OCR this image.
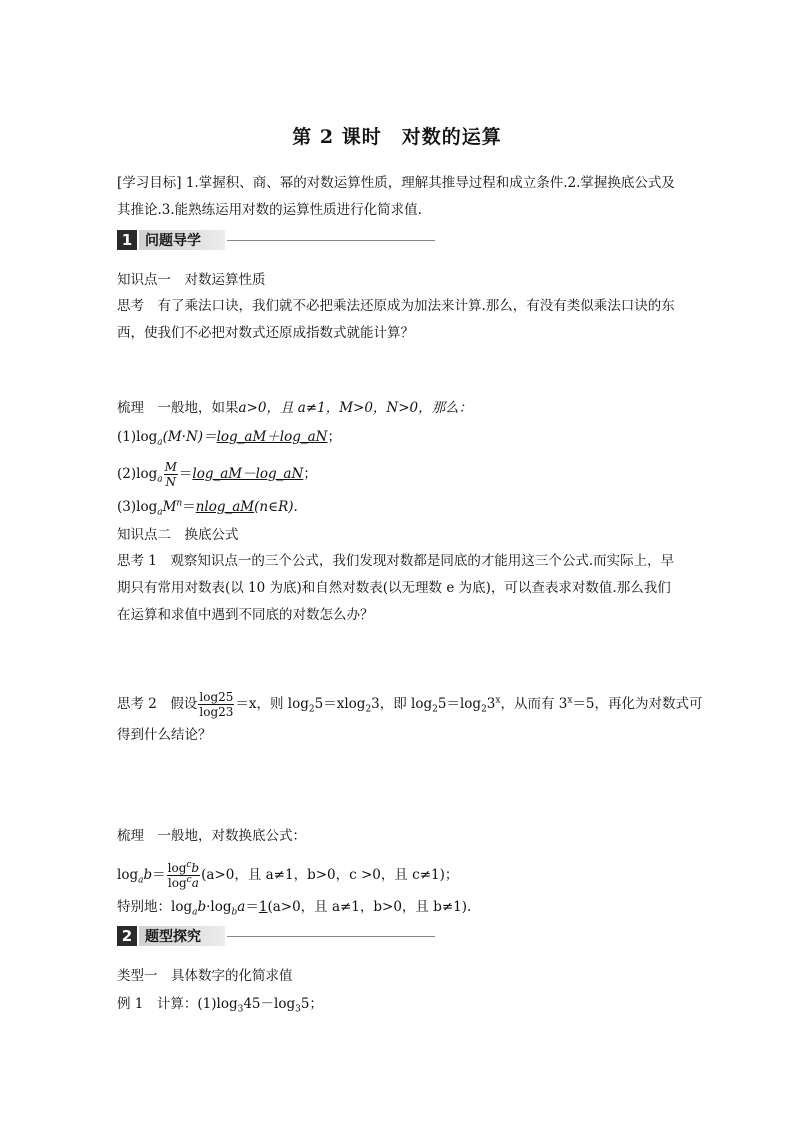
第 2 课时　对数的运算
[学习目标] 1.掌握积、商、幂的对数运算性质，理解其推导过程和成立条件.2.掌握换底公式及其推论.3.能熟练运用对数的运算性质进行化简求值.
1 问题导学
知识点一　对数运算性质
思考　有了乘法口诀，我们就不必把乘法还原成为加法来计算.那么，有没有类似乘法口诀的东西，使我们不必把对数式还原成指数式就能计算？
梳理　一般地，如果a>0，且 a≠1，M>0，N>0，那么：
$(1)\log_a(M\cdot N)=\log\_aM+\log\_aN$；
$(2)\log_a \frac{M}{N}$ ＝log_aM－log_aN；
$(3)\log_aM^n=nlog\_aM(n\in R)$.
知识点二　换底公式
思考 1　观察知识点一的三个公式，我们发现对数都是同底的才能用这三个公式.而实际上，早期只有常用对数表(以 10 为底)和自然对数表(以无理数 e 为底)，可以查表求对数值.那么我们在运算和求值中遇到不同底的对数怎么办？
思考 2　假设 $\frac{\log 25}{\log 23} =x$，则 $\log_25=xlog_23$，即 $\log_25=\log_23^x$，从而有 $3^x=5$，再化为对数式可
得到什么结论？
梳理　一般地，对数换底公式：
$\log_ab= \frac{\log^cb}{\log^ca} (a>0$，且 a≠1，b>0，c >0，且 c≠1)；
特别地：$\log_ab\cdot\log_ba=1(a>0$，且 a≠1，b>0，且 b≠1).
2 题型探究
类型一　具体数字的化简求值
例 1　计算：$(1)\log_345-\log_35$；
